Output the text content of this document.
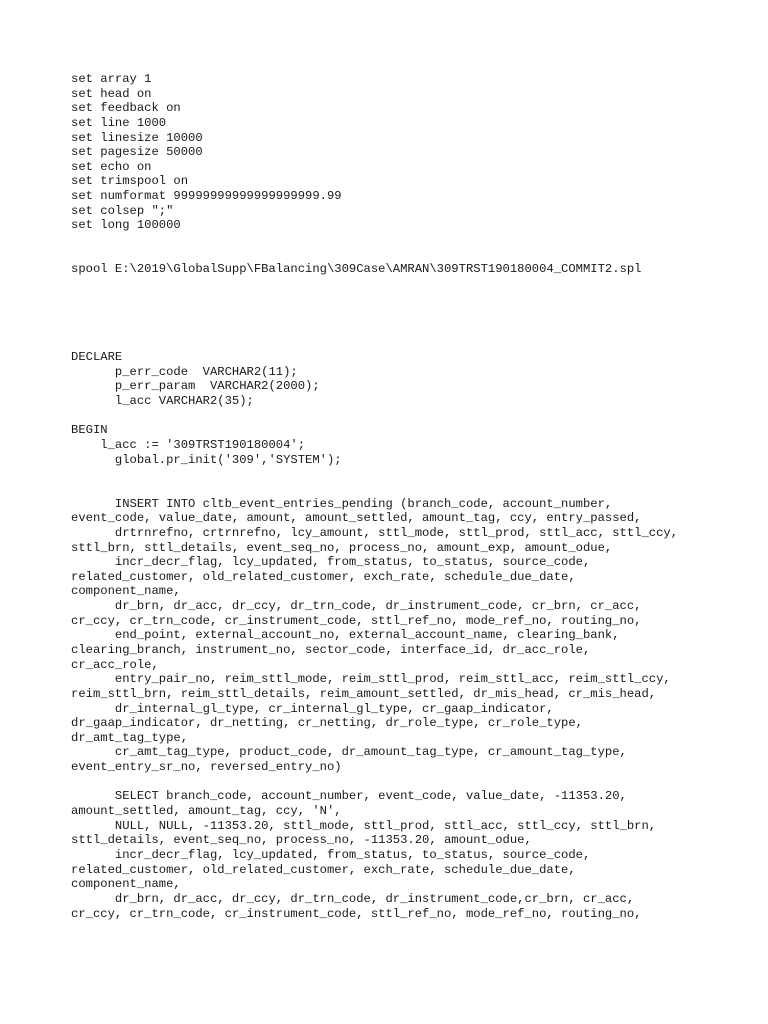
set array 1
set head on
set feedback on
set line 1000
set linesize 10000
set pagesize 50000
set echo on
set trimspool on
set numformat 99999999999999999999.99
set colsep ";"
set long 100000
spool E:\2019\GlobalSupp\FBalancing\309Case\AMRAN\309TRST190180004_COMMIT2.spl
DECLARE
p_err_code  VARCHAR2(11);
p_err_param  VARCHAR2(2000);
l_acc VARCHAR2(35);
BEGIN
l_acc := '309TRST190180004';
global.pr_init('309','SYSTEM');
INSERT INTO cltb_event_entries_pending (branch_code, account_number,
event_code, value_date, amount, amount_settled, amount_tag, ccy, entry_passed,
drtrnrefno, crtrnrefno, lcy_amount, sttl_mode, sttl_prod, sttl_acc, sttl_ccy,
sttl_brn, sttl_details, event_seq_no, process_no, amount_exp, amount_odue,
incr_decr_flag, lcy_updated, from_status, to_status, source_code,
related_customer, old_related_customer, exch_rate, schedule_due_date,
component_name,
dr_brn, dr_acc, dr_ccy, dr_trn_code, dr_instrument_code, cr_brn, cr_acc,
cr_ccy, cr_trn_code, cr_instrument_code, sttl_ref_no, mode_ref_no, routing_no,
end_point, external_account_no, external_account_name, clearing_bank,
clearing_branch, instrument_no, sector_code, interface_id, dr_acc_role,
cr_acc_role,
entry_pair_no, reim_sttl_mode, reim_sttl_prod, reim_sttl_acc, reim_sttl_ccy,
reim_sttl_brn, reim_sttl_details, reim_amount_settled, dr_mis_head, cr_mis_head,
dr_internal_gl_type, cr_internal_gl_type, cr_gaap_indicator,
dr_gaap_indicator, dr_netting, cr_netting, dr_role_type, cr_role_type,
dr_amt_tag_type,
cr_amt_tag_type, product_code, dr_amount_tag_type, cr_amount_tag_type,
event_entry_sr_no, reversed_entry_no)
SELECT branch_code, account_number, event_code, value_date, -11353.20,
amount_settled, amount_tag, ccy, 'N',
NULL, NULL, -11353.20, sttl_mode, sttl_prod, sttl_acc, sttl_ccy, sttl_brn,
sttl_details, event_seq_no, process_no, -11353.20, amount_odue,
incr_decr_flag, lcy_updated, from_status, to_status, source_code,
related_customer, old_related_customer, exch_rate, schedule_due_date,
component_name,
dr_brn, dr_acc, dr_ccy, dr_trn_code, dr_instrument_code,cr_brn, cr_acc,
cr_ccy, cr_trn_code, cr_instrument_code, sttl_ref_no, mode_ref_no, routing_no,
